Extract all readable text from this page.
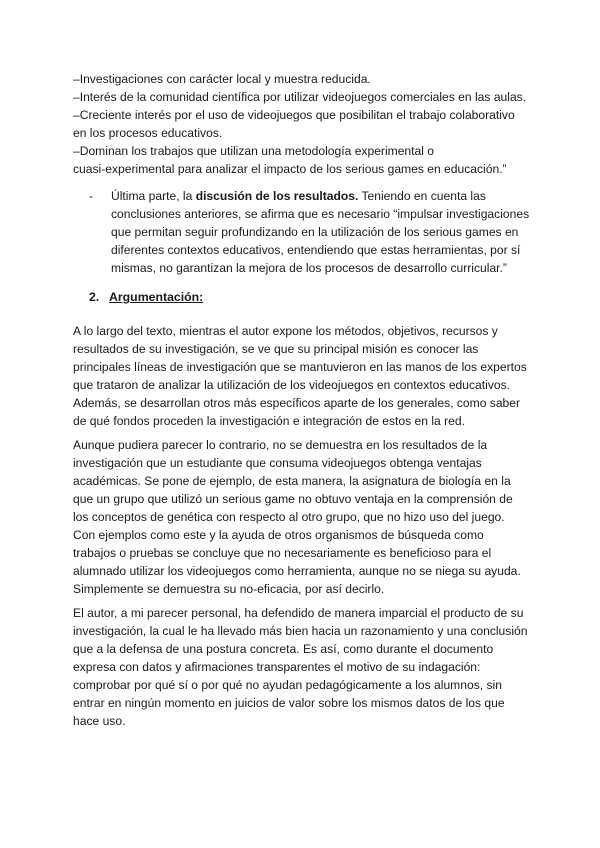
–Investigaciones con carácter local y muestra reducida.
–Interés de la comunidad científica por utilizar videojuegos comerciales en las aulas.
–Creciente interés por el uso de videojuegos que posibilitan el trabajo colaborativo
en los procesos educativos.
–Dominan los trabajos que utilizan una metodología experimental o
cuasi-experimental para analizar el impacto de los serious games en educación.”
- Última parte, la discusión de los resultados. Teniendo en cuenta las
conclusiones anteriores, se afirma que es necesario “impulsar investigaciones
que permitan seguir profundizando en la utilización de los serious games en
diferentes contextos educativos, entendiendo que estas herramientas, por sí
mismas, no garantizan la mejora de los procesos de desarrollo curricular.”
2. Argumentación:
A lo largo del texto, mientras el autor expone los métodos, objetivos, recursos y
resultados de su investigación, se ve que su principal misión es conocer las
principales líneas de investigación que se mantuvieron en las manos de los expertos
que trataron de analizar la utilización de los videojuegos en contextos educativos.
Además, se desarrollan otros más específicos aparte de los generales, como saber
de qué fondos proceden la investigación e integración de estos en la red.
Aunque pudiera parecer lo contrario, no se demuestra en los resultados de la
investigación que un estudiante que consuma videojuegos obtenga ventajas
académicas. Se pone de ejemplo, de esta manera, la asignatura de biología en la
que un grupo que utilizó un serious game no obtuvo ventaja en la comprensión de
los conceptos de genética con respecto al otro grupo, que no hizo uso del juego.
Con ejemplos como este y la ayuda de otros organismos de búsqueda como
trabajos o pruebas se concluye que no necesariamente es beneficioso para el
alumnado utilizar los videojuegos como herramienta, aunque no se niega su ayuda.
Simplemente se demuestra su no-eficacia, por así decirlo.
El autor, a mi parecer personal, ha defendido de manera imparcial el producto de su
investigación, la cual le ha llevado más bien hacia un razonamiento y una conclusión
que a la defensa de una postura concreta. Es así, como durante el documento
expresa con datos y afirmaciones transparentes el motivo de su indagación:
comprobar por qué sí o por qué no ayudan pedagógicamente a los alumnos, sin
entrar en ningún momento en juicios de valor sobre los mismos datos de los que
hace uso.
